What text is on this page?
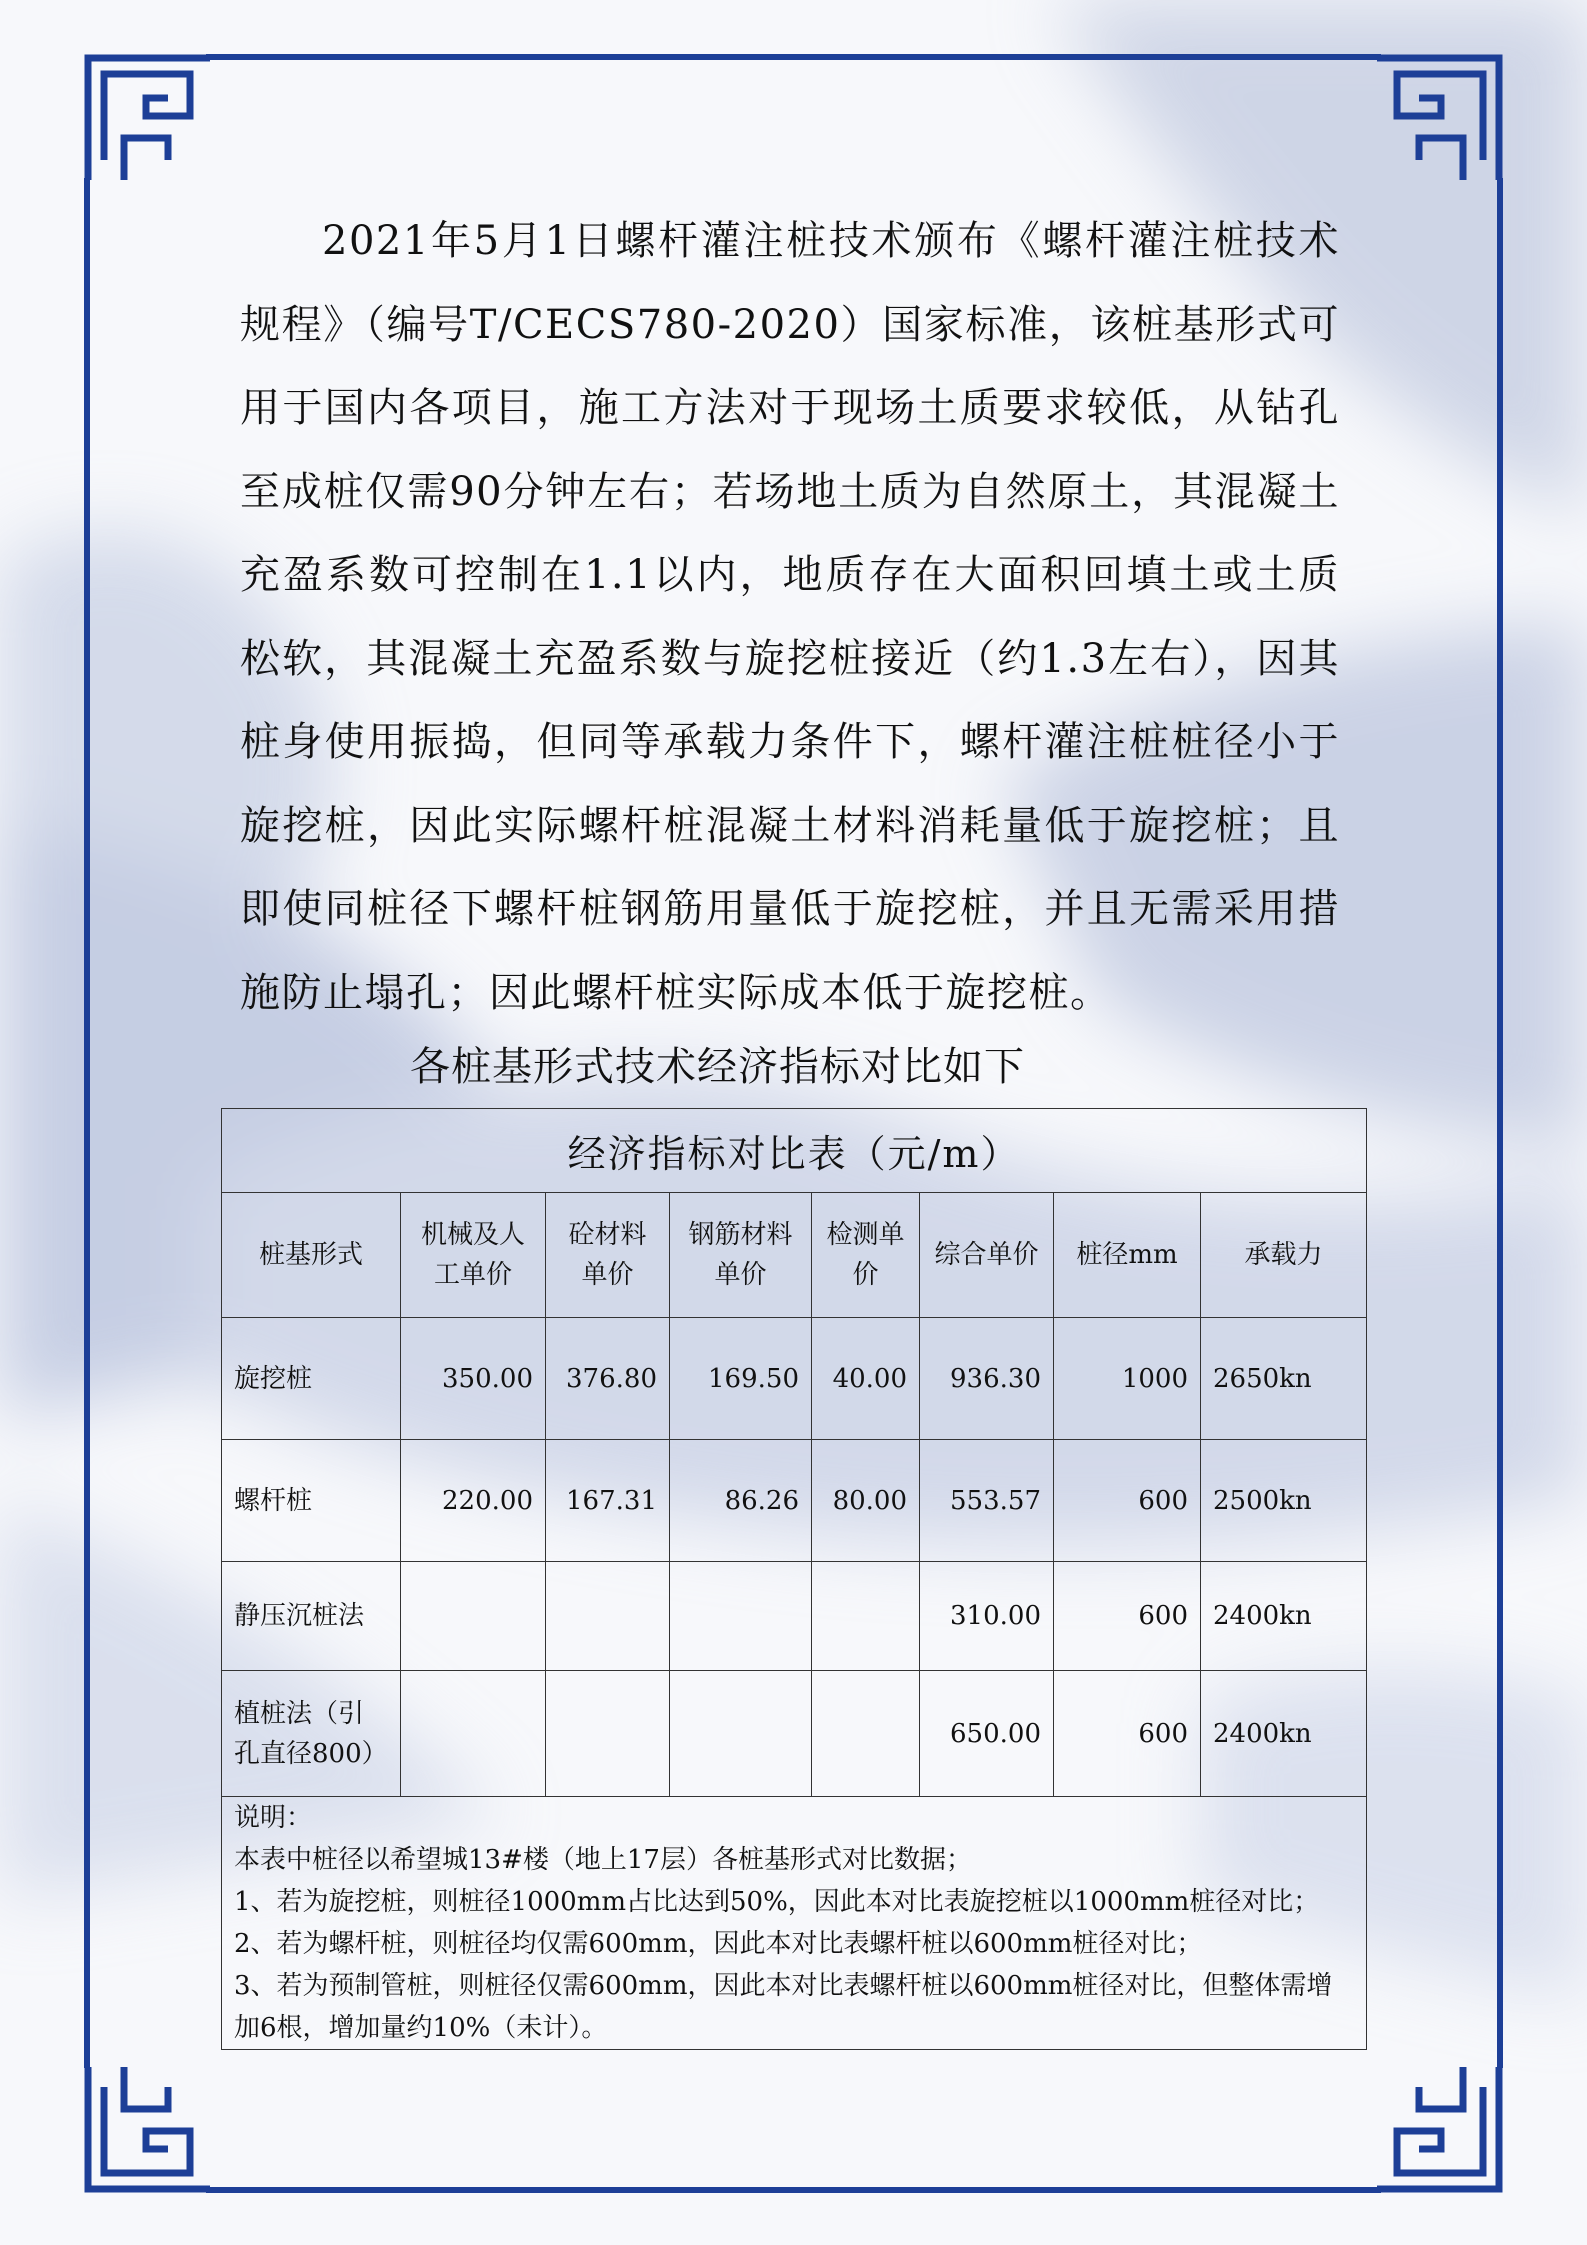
2021年5月1日螺杆灌注桩技术颁布《螺杆灌注桩技术规程》（编号T/CECS780-2020）国家标准，该桩基形式可用于国内各项目，施工方法对于现场土质要求较低，从钻孔至成桩仅需90分钟左右；若场地土质为自然原土，其混凝土充盈系数可控制在1.1以内，地质存在大面积回填土或土质松软，其混凝土充盈系数与旋挖桩接近（约1.3左右），因其桩身使用振捣，但同等承载力条件下，螺杆灌注桩桩径小于旋挖桩，因此实际螺杆桩混凝土材料消耗量低于旋挖桩；且即使同桩径下螺杆桩钢筋用量低于旋挖桩，并且无需采用措施防止塌孔；因此螺杆桩实际成本低于旋挖桩。
各桩基形式技术经济指标对比如下
经济指标对比表（元/m）							
桩基形式	机械及人工单价	砼材料单价	钢筋材料单价	检测单价	综合单价	桩径mm	承载力
旋挖桩	350.00	376.80	169.50	40.00	936.30	1000	2650kn
螺杆桩	220.00	167.31	86.26	80.00	553.57	600	2500kn
静压沉桩法					310.00	600	2400kn
植桩法（引孔直径800）					650.00	600	2400kn

说明：
本表中桩径以希望城13#楼（地上17层）各桩基形式对比数据；
1、若为旋挖桩，则桩径1000mm占比达到50%，因此本对比表旋挖桩以1000mm桩径对比；
2、若为螺杆桩，则桩径均仅需600mm，因此本对比表螺杆桩以600mm桩径对比；
3、若为预制管桩，则桩径仅需600mm，因此本对比表螺杆桩以600mm桩径对比，但整体需增加6根，增加量约10%（未计）。							
